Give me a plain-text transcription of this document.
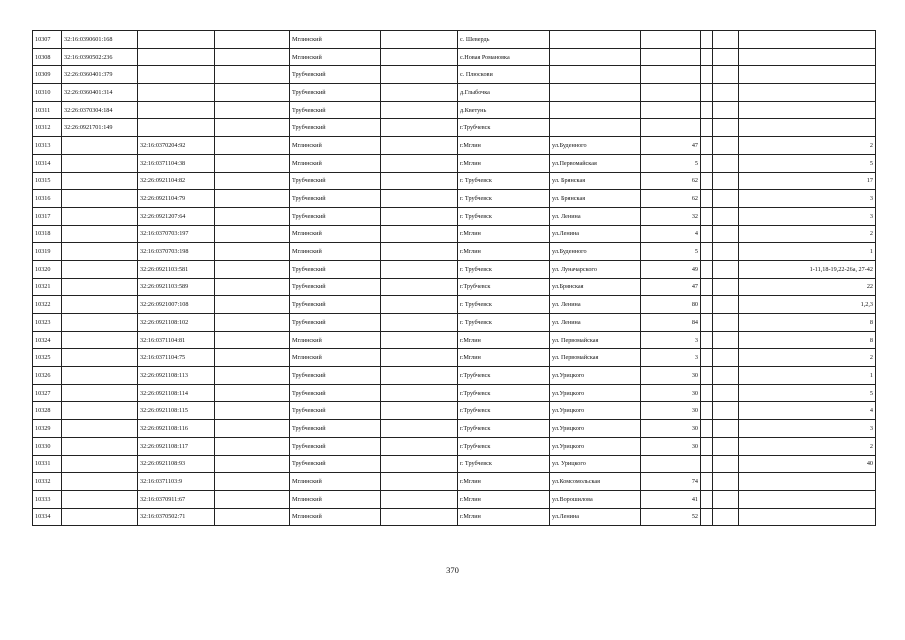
10307	32:16:0390601:168			Мглинский		с. Шевердь					
10308	32:16:0390502:236			Мглинский		с.Новая Романовка					
10309	32:26:0360401:379			Трубчевский		с. Плюскови					
10310	32:26:0360401:314			Трубчевский		д.Глыбочка					
10311	32:26:0370304:184			Трубчевский		д.Кветунь					
10312	32:26:0921701:149			Трубчевский		г.Трубчевск					
10313		32:16:0370204:92		Мглинский		г.Мглин	ул.Буденного	47			2
10314		32:16:0371104:38		Мглинский		г.Мглин	ул.Первомайская	5			5
10315		32:26:0921104:82		Трубчевский		г. Трубчевск	ул. Брянская	62			17
10316		32:26:0921104:79		Трубчевский		г. Трубчевск	ул. Брянская	62			3
10317		32:26:0921207:64		Трубчевский		г. Трубчевск	ул. Ленина	32			3
10318		32:16:0370703:197		Мглинский		г.Мглин	ул.Ленина	4			2
10319		32:16:0370703:198		Мглинский		г.Мглин	ул.Буденного	5			1
10320		32:26:0921103:581		Трубчевский		г. Трубчевск	ул. Луначарского	49			1-11,18-19,22-26а, 27-42
10321		32:26:0921103:589		Трубчевский		г.Трубчевск	ул.Брянская	47			22
10322		32:26:0921007:108		Трубчевский		г. Трубчевск	ул. Ленина	80			1,2,3
10323		32:26:0921108:102		Трубчевский		г. Трубчевск	ул. Ленина	84			8
10324		32:16:0371104:81		Мглинский		г.Мглин	ул. Первомайская	3			8
10325		32:16:0371104:75		Мглинский		г.Мглин	ул. Первомайская	3			2
10326		32:26:0921108:113		Трубчевский		г.Трубчевск	ул.Урицкого	30			1
10327		32:26:0921108:114		Трубчевский		г.Трубчевск	ул.Урицкого	30			5
10328		32:26:0921108:115		Трубчевский		г.Трубчевск	ул.Урицкого	30			4
10329		32:26:0921108:116		Трубчевский		г.Трубчевск	ул.Урицкого	30			3
10330		32:26:0921108:117		Трубчевский		г.Трубчевск	ул.Урицкого	30			2
10331		32:26:0921108:93		Трубчевский		г. Трубчевск	ул. Урицкого				40
10332		32:16:0371103:9		Мглинский		г.Мглин	ул.Комсомольская	74			
10333		32:16:0370911:67		Мглинский		г.Мглин	ул.Ворошилова	41			
10334		32:16:0370502:71		Мглинский		г.Мглин	ул.Ленина	52			
370
